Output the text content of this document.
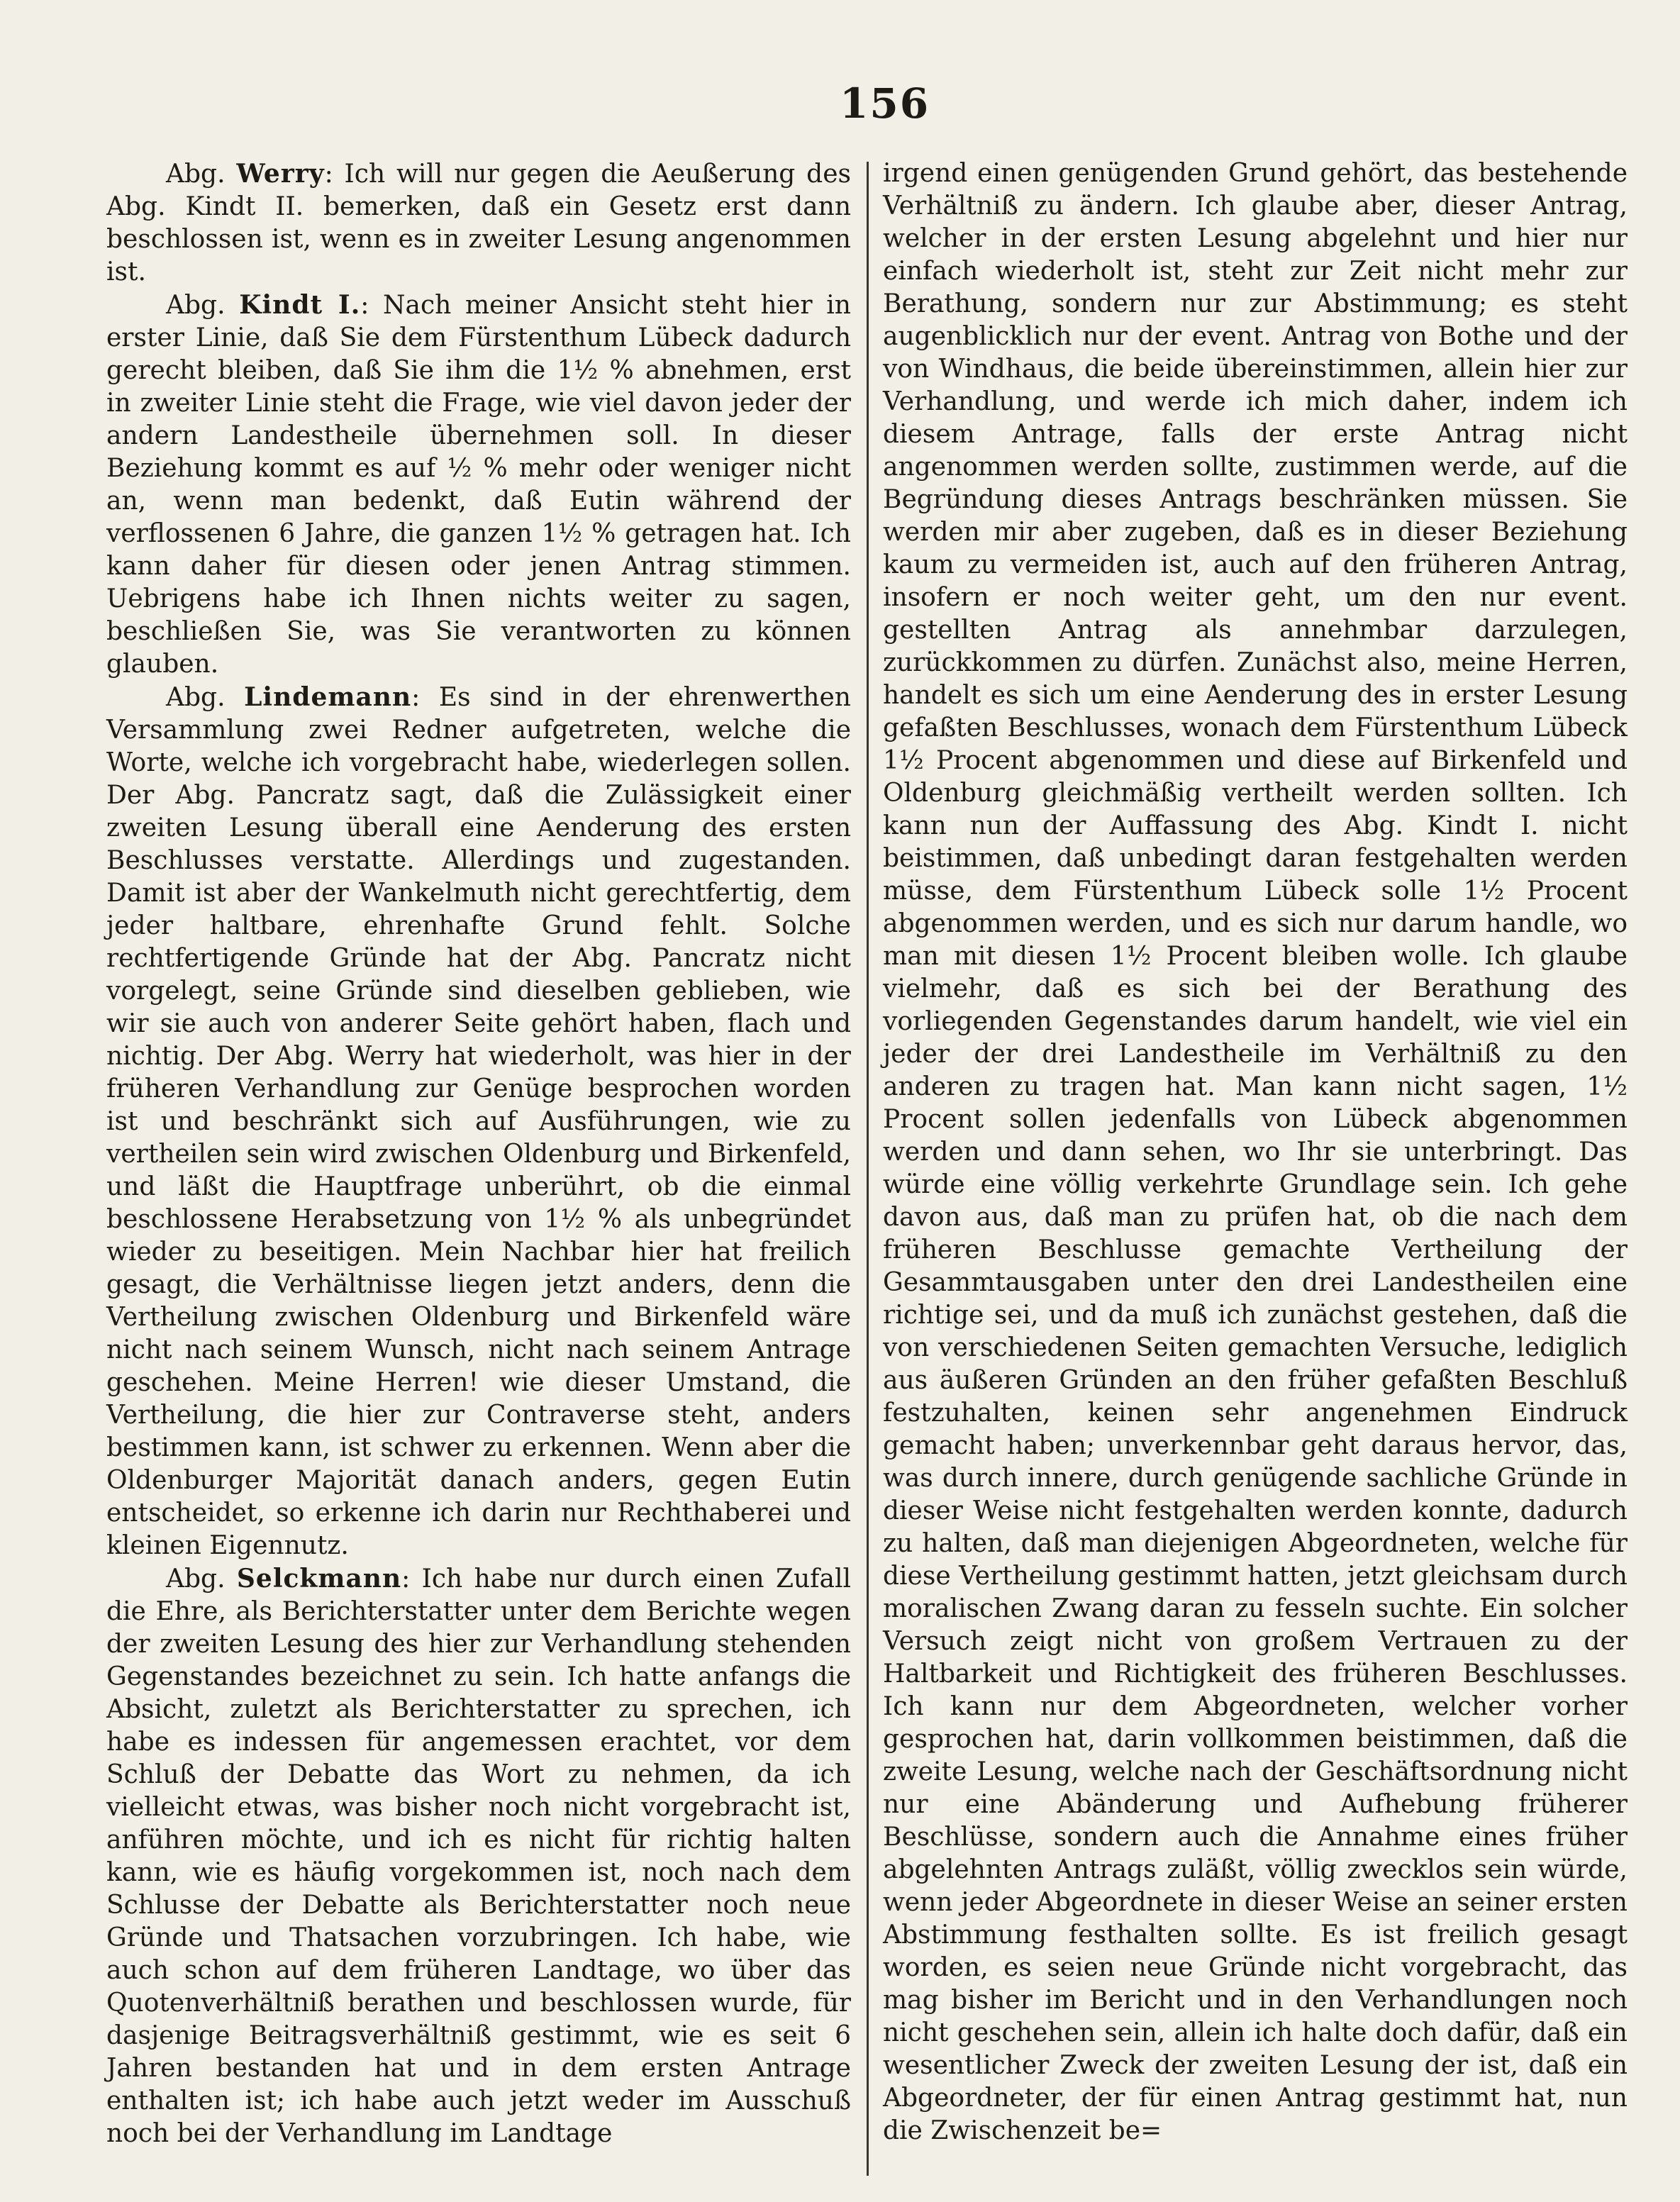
156

Abg. Werry: Ich will nur gegen die Aeußerung des Abg. Kindt II. bemerken, daß ein Gesetz erst dann beschlossen ist, wenn es in zweiter Lesung angenommen ist.

Abg. Kindt I.: Nach meiner Ansicht steht hier in erster Linie, daß Sie dem Fürstenthum Lübeck dadurch gerecht bleiben, daß Sie ihm die 1½ % abnehmen, erst in zweiter Linie steht die Frage, wie viel davon jeder der andern Landestheile übernehmen soll. In dieser Beziehung kommt es auf ½ % mehr oder weniger nicht an, wenn man bedenkt, daß Eutin während der verflossenen 6 Jahre, die ganzen 1½ % getragen hat. Ich kann daher für diesen oder jenen Antrag stimmen. Uebrigens habe ich Ihnen nichts weiter zu sagen, beschließen Sie, was Sie verantworten zu können glauben.

Abg. Lindemann: Es sind in der ehrenwerthen Versammlung zwei Redner aufgetreten, welche die Worte, welche ich vorgebracht habe, wiederlegen sollen. Der Abg. Pancratz sagt, daß die Zulässigkeit einer zweiten Lesung überall eine Aenderung des ersten Beschlusses verstatte. Allerdings und zugestanden. Damit ist aber der Wankelmuth nicht gerechtfertig, dem jeder haltbare, ehrenhafte Grund fehlt. Solche rechtfertigende Gründe hat der Abg. Pancratz nicht vorgelegt, seine Gründe sind dieselben geblieben, wie wir sie auch von anderer Seite gehört haben, flach und nichtig. Der Abg. Werry hat wiederholt, was hier in der früheren Verhandlung zur Genüge besprochen worden ist und beschränkt sich auf Ausführungen, wie zu vertheilen sein wird zwischen Oldenburg und Birkenfeld, und läßt die Hauptfrage unberührt, ob die einmal beschlossene Herabsetzung von 1½ % als unbegründet wieder zu beseitigen. Mein Nachbar hier hat freilich gesagt, die Verhältnisse liegen jetzt anders, denn die Vertheilung zwischen Oldenburg und Birkenfeld wäre nicht nach seinem Wunsch, nicht nach seinem Antrage geschehen. Meine Herren! wie dieser Umstand, die Vertheilung, die hier zur Contraverse steht, anders bestimmen kann, ist schwer zu erkennen. Wenn aber die Oldenburger Majorität danach anders, gegen Eutin entscheidet, so erkenne ich darin nur Rechthaberei und kleinen Eigennutz.

Abg. Selckmann: Ich habe nur durch einen Zufall die Ehre, als Berichterstatter unter dem Berichte wegen der zweiten Lesung des hier zur Verhandlung stehenden Gegenstandes bezeichnet zu sein. Ich hatte anfangs die Absicht, zuletzt als Berichterstatter zu sprechen, ich habe es indessen für angemessen erachtet, vor dem Schluß der Debatte das Wort zu nehmen, da ich vielleicht etwas, was bisher noch nicht vorgebracht ist, anführen möchte, und ich es nicht für richtig halten kann, wie es häufig vorgekommen ist, noch nach dem Schlusse der Debatte als Berichterstatter noch neue Gründe und Thatsachen vorzubringen. Ich habe, wie auch schon auf dem früheren Landtage, wo über das Quotenverhältniß berathen und beschlossen wurde, für dasjenige Beitragsverhältniß gestimmt, wie es seit 6 Jahren bestanden hat und in dem ersten Antrage enthalten ist; ich habe auch jetzt weder im Ausschuß noch bei der Verhandlung im Landtage

irgend einen genügenden Grund gehört, das bestehende Verhältniß zu ändern. Ich glaube aber, dieser Antrag, welcher in der ersten Lesung abgelehnt und hier nur einfach wiederholt ist, steht zur Zeit nicht mehr zur Berathung, sondern nur zur Abstimmung; es steht augenblicklich nur der event. Antrag von Bothe und der von Windhaus, die beide übereinstimmen, allein hier zur Verhandlung, und werde ich mich daher, indem ich diesem Antrage, falls der erste Antrag nicht angenommen werden sollte, zustimmen werde, auf die Begründung dieses Antrags beschränken müssen. Sie werden mir aber zugeben, daß es in dieser Beziehung kaum zu vermeiden ist, auch auf den früheren Antrag, insofern er noch weiter geht, um den nur event. gestellten Antrag als annehmbar darzulegen, zurückkommen zu dürfen. Zunächst also, meine Herren, handelt es sich um eine Aenderung des in erster Lesung gefaßten Beschlusses, wonach dem Fürstenthum Lübeck 1½ Procent abgenommen und diese auf Birkenfeld und Oldenburg gleichmäßig vertheilt werden sollten. Ich kann nun der Auffassung des Abg. Kindt I. nicht beistimmen, daß unbedingt daran festgehalten werden müsse, dem Fürstenthum Lübeck solle 1½ Procent abgenommen werden, und es sich nur darum handle, wo man mit diesen 1½ Procent bleiben wolle. Ich glaube vielmehr, daß es sich bei der Berathung des vorliegenden Gegenstandes darum handelt, wie viel ein jeder der drei Landestheile im Verhältniß zu den anderen zu tragen hat. Man kann nicht sagen, 1½ Procent sollen jedenfalls von Lübeck abgenommen werden und dann sehen, wo Ihr sie unterbringt. Das würde eine völlig verkehrte Grundlage sein. Ich gehe davon aus, daß man zu prüfen hat, ob die nach dem früheren Beschlusse gemachte Vertheilung der Gesammtausgaben unter den drei Landestheilen eine richtige sei, und da muß ich zunächst gestehen, daß die von verschiedenen Seiten gemachten Versuche, lediglich aus äußeren Gründen an den früher gefaßten Beschluß festzuhalten, keinen sehr angenehmen Eindruck gemacht haben; unverkennbar geht daraus hervor, das, was durch innere, durch genügende sachliche Gründe in dieser Weise nicht festgehalten werden konnte, dadurch zu halten, daß man diejenigen Abgeordneten, welche für diese Vertheilung gestimmt hatten, jetzt gleichsam durch moralischen Zwang daran zu fesseln suchte. Ein solcher Versuch zeigt nicht von großem Vertrauen zu der Haltbarkeit und Richtigkeit des früheren Beschlusses. Ich kann nur dem Abgeordneten, welcher vorher gesprochen hat, darin vollkommen beistimmen, daß die zweite Lesung, welche nach der Geschäftsordnung nicht nur eine Abänderung und Aufhebung früherer Beschlüsse, sondern auch die Annahme eines früher abgelehnten Antrags zuläßt, völlig zwecklos sein würde, wenn jeder Abgeordnete in dieser Weise an seiner ersten Abstimmung festhalten sollte. Es ist freilich gesagt worden, es seien neue Gründe nicht vorgebracht, das mag bisher im Bericht und in den Verhandlungen noch nicht geschehen sein, allein ich halte doch dafür, daß ein wesentlicher Zweck der zweiten Lesung der ist, daß ein Abgeordneter, der für einen Antrag gestimmt hat, nun die Zwischenzeit be=
